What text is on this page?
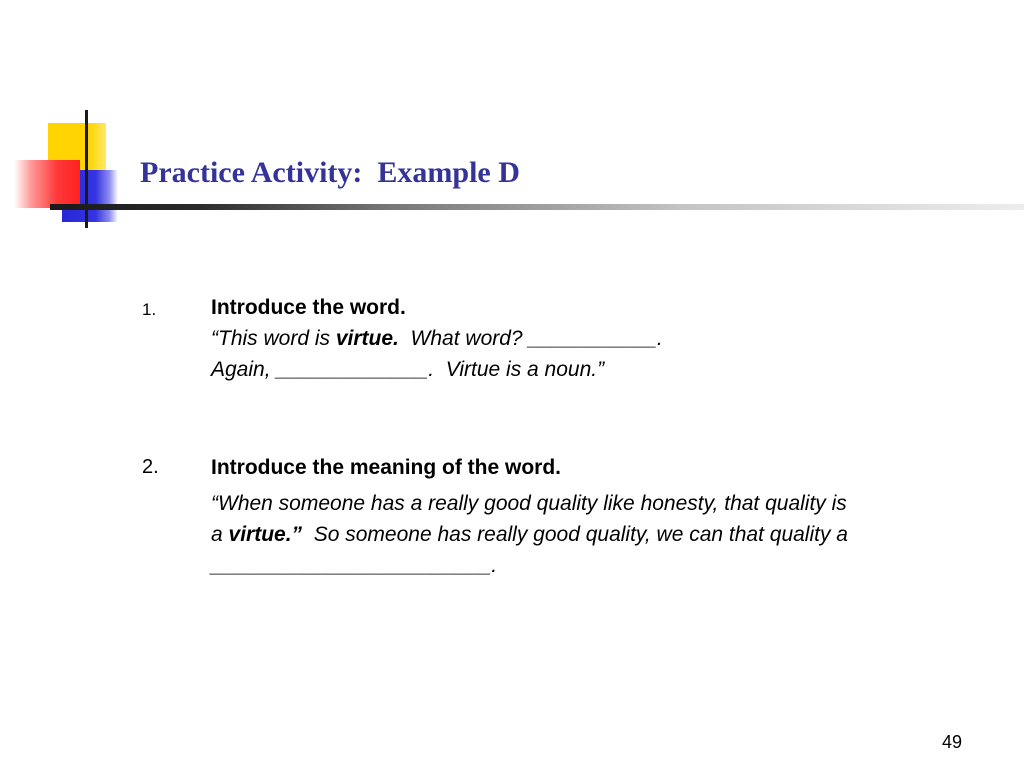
Practice Activity:  Example D
1.	Introduce the word.
“This word is virtue.  What word? ___________.
Again, _____________.  Virtue is a noun.”
2. Introduce the meaning of the word.
“When someone has a really good quality like honesty, that quality is
a virtue.”  So someone has really good quality, we can that quality a
________________________.
49
